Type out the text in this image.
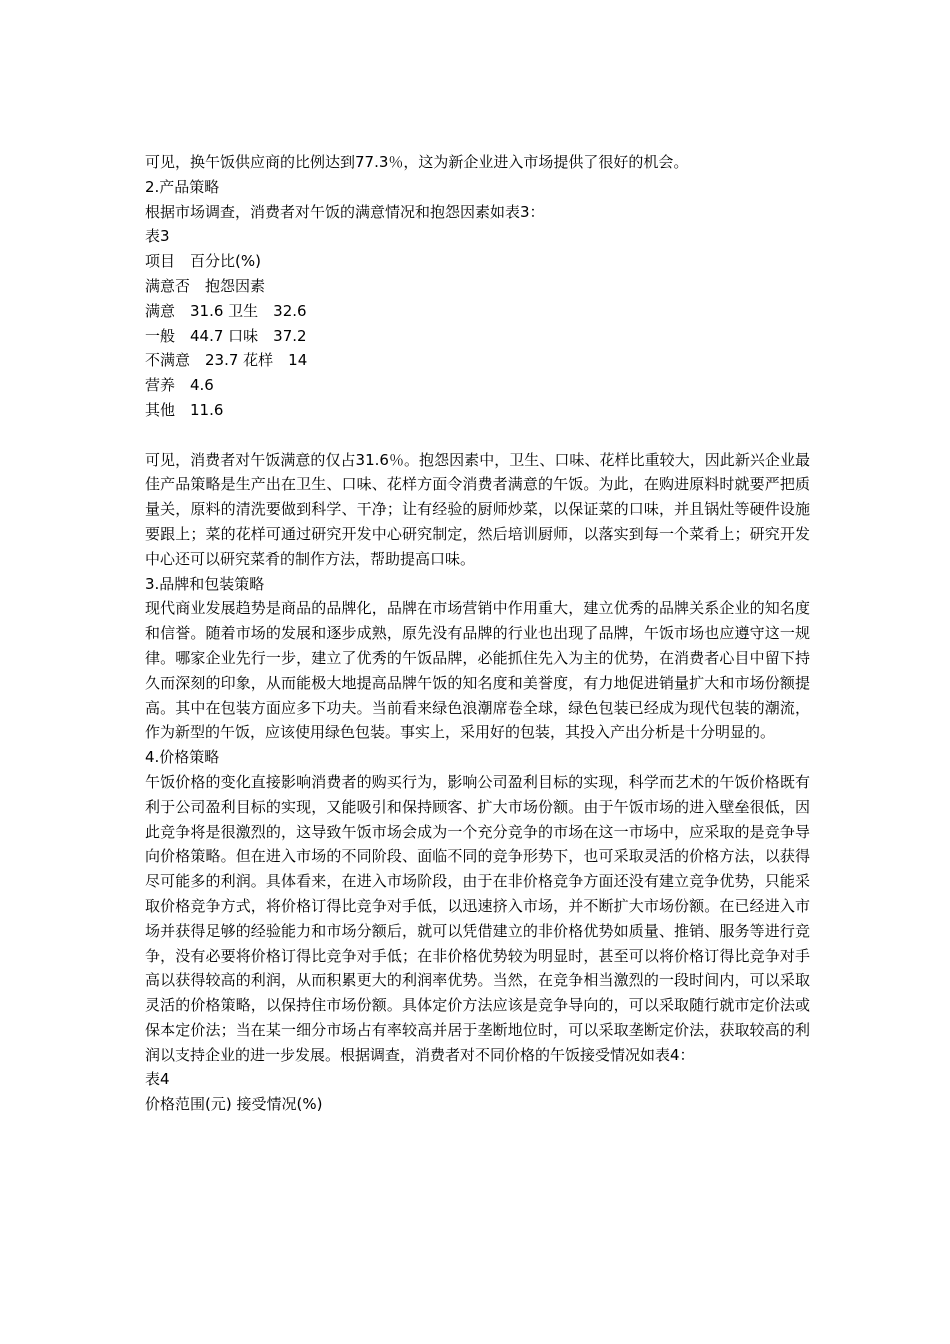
可见，换午饭供应商的比例达到77.3％，这为新企业进入市场提供了很好的机会。
2.产品策略
根据市场调查，消费者对午饭的满意情况和抱怨因素如表3：
表3
项目　百分比(%)
满意否　抱怨因素
满意　31.6 卫生　32.6
一般　44.7 口味　37.2
不满意　23.7 花样　14
营养　4.6
其他　11.6

可见，消费者对午饭满意的仅占31.6％。抱怨因素中，卫生、口味、花样比重较大，因此新兴企业最佳产品策略是生产出在卫生、口味、花样方面令消费者满意的午饭。为此，在购进原料时就要严把质量关，原料的清洗要做到科学、干净；让有经验的厨师炒菜，以保证菜的口味，并且锅灶等硬件设施要跟上；菜的花样可通过研究开发中心研究制定，然后培训厨师，以落实到每一个菜肴上；研究开发中心还可以研究菜肴的制作方法，帮助提高口味。

3.品牌和包装策略

现代商业发展趋势是商品的品牌化，品牌在市场营销中作用重大，建立优秀的品牌关系企业的知名度和信誉。随着市场的发展和逐步成熟，原先没有品牌的行业也出现了品牌，午饭市场也应遵守这一规律。哪家企业先行一步，建立了优秀的午饭品牌，必能抓住先入为主的优势，在消费者心目中留下持久而深刻的印象，从而能极大地提高品牌午饭的知名度和美誉度，有力地促进销量扩大和市场份额提高。其中在包装方面应多下功夫。当前看来绿色浪潮席卷全球，绿色包装已经成为现代包装的潮流，作为新型的午饭，应该使用绿色包装。事实上，采用好的包装，其投入产出分析是十分明显的。

4.价格策略

午饭价格的变化直接影响消费者的购买行为，影响公司盈利目标的实现，科学而艺术的午饭价格既有利于公司盈利目标的实现，又能吸引和保持顾客、扩大市场份额。由于午饭市场的进入壁垒很低，因此竞争将是很激烈的，这导致午饭市场会成为一个充分竞争的市场在这一市场中，应采取的是竞争导向价格策略。但在进入市场的不同阶段、面临不同的竞争形势下，也可采取灵活的价格方法，以获得尽可能多的利润。具体看来，在进入市场阶段，由于在非价格竞争方面还没有建立竞争优势，只能采取价格竞争方式，将价格订得比竞争对手低，以迅速挤入市场，并不断扩大市场份额。在已经进入市场并获得足够的经验能力和市场分额后，就可以凭借建立的非价格优势如质量、推销、服务等进行竞争，没有必要将价格订得比竞争对手低；在非价格优势较为明显时，甚至可以将价格订得比竞争对手高以获得较高的利润，从而积累更大的利润率优势。当然，在竞争相当激烈的一段时间内，可以采取灵活的价格策略，以保持住市场份额。具体定价方法应该是竞争导向的，可以采取随行就市定价法或保本定价法；当在某一细分市场占有率较高并居于垄断地位时，可以采取垄断定价法，获取较高的利润以支持企业的进一步发展。根据调查，消费者对不同价格的午饭接受情况如表4：

表4
价格范围(元) 接受情况(%)
